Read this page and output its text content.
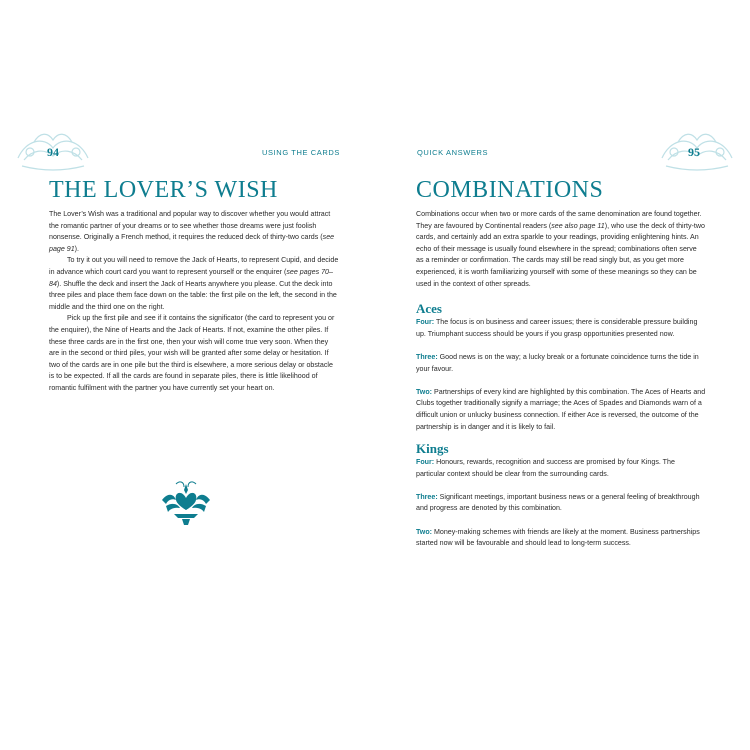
94	USING THE CARDS	95
QUICK ANSWERS
THE LOVER’S WISH	COMBINATIONS

The Lover’s Wish was a traditional and popular way to discover whether you would attract the romantic partner of your dreams or to see whether those dreams were just foolish nonsense. Originally a French method, it requires the reduced deck of thirty-two cards (see page 91).

To try it out you will need to remove the Jack of Hearts, to represent Cupid, and decide in advance which court card you want to represent yourself or the enquirer (see pages 70–84). Shuffle the deck and insert the Jack of Hearts anywhere you please. Cut the deck into three piles and place them face down on the table: the first pile on the left, the second in the middle and the third one on the right.

Pick up the first pile and see if it contains the significator (the card to represent you or the enquirer), the Nine of Hearts and the Jack of Hearts. If not, examine the other piles. If these three cards are in the first one, then your wish will come true very soon. When they are in the second or third piles, your wish will be granted after some delay or hesitation. If two of the cards are in one pile but the third is elsewhere, a more serious delay or obstacle is to be expected. If all the cards are found in separate piles, there is little likelihood of romantic fulfilment with the partner you have currently set your heart on.

Combinations occur when two or more cards of the same denomination are found together. They are favoured by Continental readers (see also page 11), who use the deck of thirty-two cards, and certainly add an extra sparkle to your readings, providing enlightening hints. An echo of their message is usually found elsewhere in the spread; combinations often serve as a reminder or confirmation. The cards may still be read singly but, as you get more experienced, it is worth familiarizing yourself with some of these meanings so they can be used in the context of other spreads.

Aces

Four: The focus is on business and career issues; there is considerable pressure building up. Triumphant success should be yours if you grasp opportunities presented now.

Three: Good news is on the way; a lucky break or a fortunate coincidence turns the tide in your favour.

Two: Partnerships of every kind are highlighted by this combination. The Aces of Hearts and Clubs together traditionally signify a marriage; the Aces of Spades and Diamonds warn of a difficult union or unlucky business connection. If either Ace is reversed, the outcome of the partnership is in danger and it is likely to fail.

Kings

Four: Honours, rewards, recognition and success are promised by four Kings. The particular context should be clear from the surrounding cards.

Three: Significant meetings, important business news or a general feeling of breakthrough and progress are denoted by this combination.

Two: Money-making schemes with friends are likely at the moment. Business partnerships started now will be favourable and should lead to long-term success.
